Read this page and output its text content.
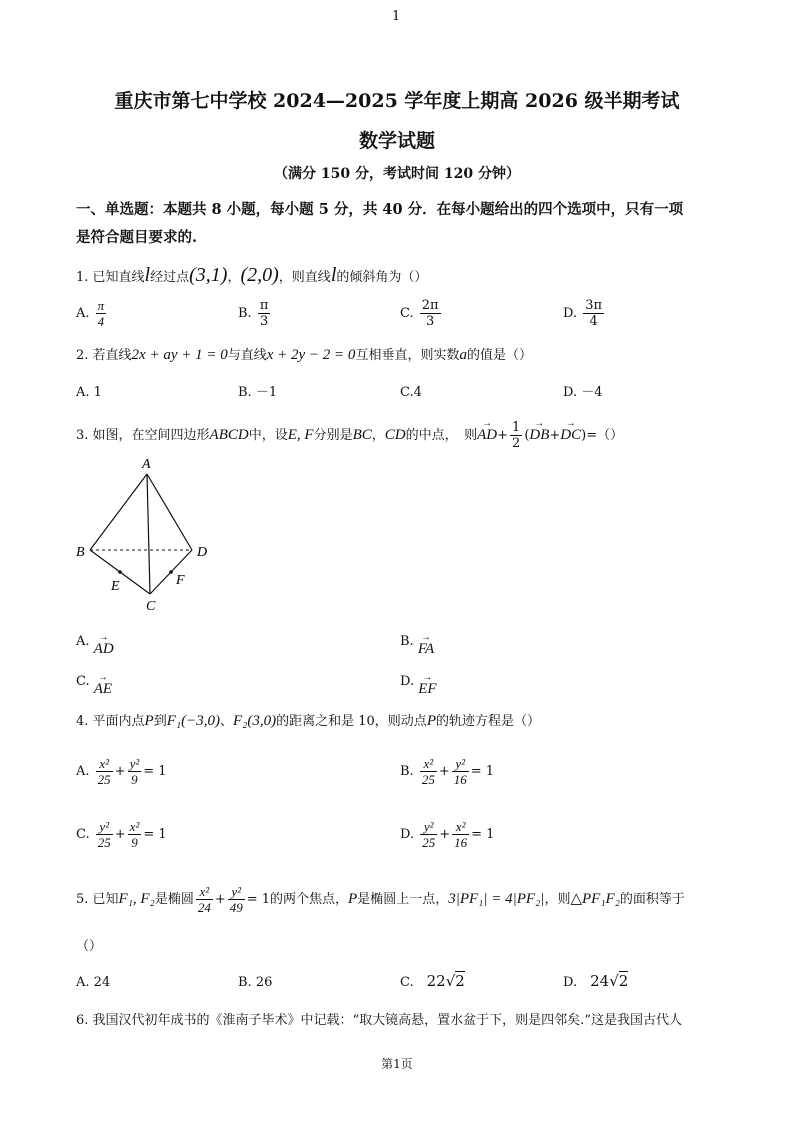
1
重庆市第七中学校 2024—2025 学年度上期高 2026 级半期考试
数学试题
（满分 150 分，考试时间 120 分钟）
一、单选题：本题共 8 小题，每小题 5 分，共 40 分．在每小题给出的四个选项中，只有一项
是符合题目要求的.
1. 已知直线l经过点(3,1)，(2,0)，则直线l的倾斜角为（）
A. $\frac{\pi}{4}$	B. $\frac{\pi}{3}$	C. $\frac{2\pi}{3}$	D. $\frac{3\pi}{4}$
2. 若直线2x + ay + 1 = 0与直线x + 2y − 2 = 0互相垂直，则实数a的值是（）
A. 1	B. －1	C.4	D. －4
3. 如图，在空间四边形ABCD中，设E, F分别是BC，CD的中点，　则→ $AD+ \frac{1}{2}$ (→ DB+→ DC)=（）
A
B
C
D
E	F
A. → AD	B. → FA
C. → AE	D. → EF
4. 平面内点P到F₁(−3,0)、F₂(3,0)的距离之和是 10，则动点P的轨迹方程是（）
A. $\frac{\text{x²}}{25} + \frac{\text{y²}}{9} = 1$	B. $\frac{\text{x²}}{25} + \frac{\text{y²}}{16} = 1$
C. $\frac{\text{y²}}{25} + \frac{\text{x²}}{9} = 1$	D. $\frac{\text{y²}}{25} + \frac{\text{x²}}{16} = 1$
5. 已知F₁, F₂是椭圆 $\frac{\text{x²}}{24} + \frac{\text{y²}}{49} = 1$的两个焦点，P是椭圆上一点，3|PF₁| = 4|PF₂|，则△PF₁F₂的面积等于
（）
A. 24	B. 26	C.　 22√2	D.　 24√2
6. 我国汉代初年成书的《淮南子毕术》中记载：“取大镜高悬，置水盆于下，则是四邻矣.”这是我国古代人
第1页
